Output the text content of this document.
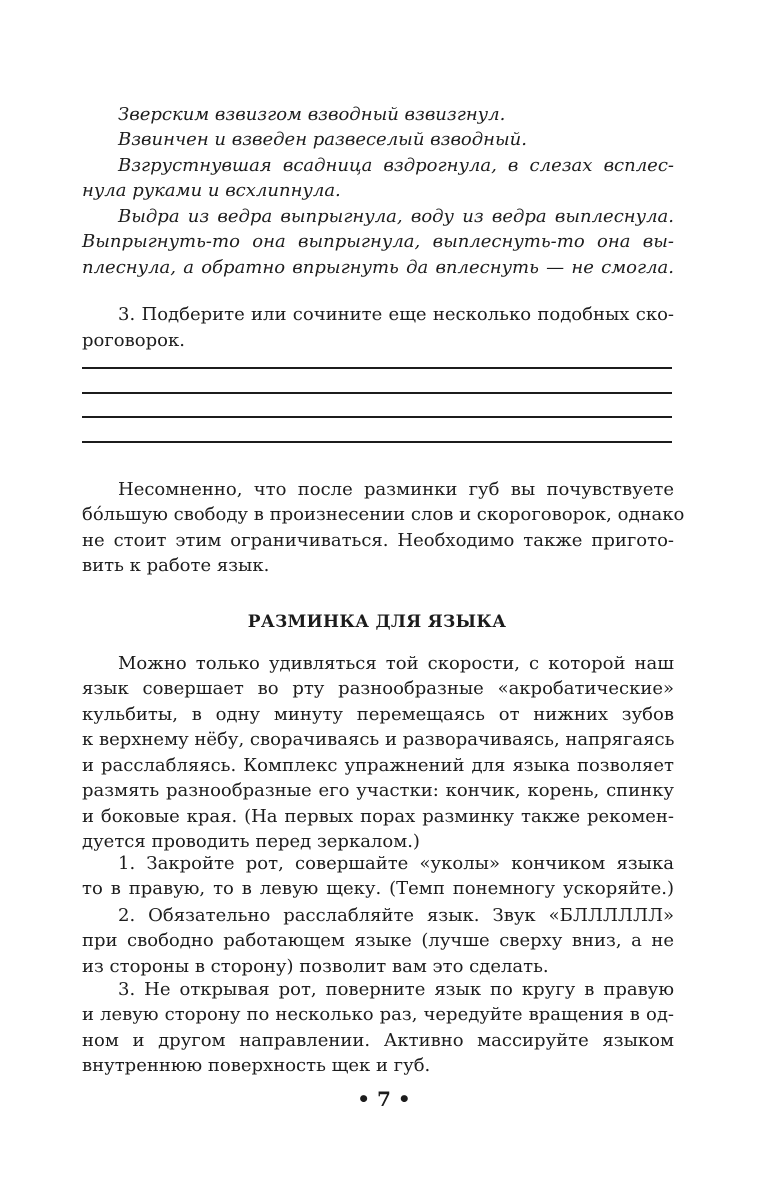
Зверским взвизгом взводный взвизгнул.
Взвинчен и взведен развеселый взводный.
Взгрустнувшая всадница вздрогнула, в слезах всплес-
нула руками и всхлипнула.
Выдра из ведра выпрыгнула, воду из ведра выплеснула.
Выпрыгнуть-то она выпрыгнула, выплеснуть-то она вы-
плеснула, а обратно впрыгнуть да вплеснуть — не смогла.
3. Подберите или сочините еще несколько подобных ско-
роговорок.
Несомненно, что после разминки губ вы почувствуете
бóльшую свободу в произнесении слов и скороговорок, однако
не стоит этим ограничиваться. Необходимо также пригото-
вить к работе язык.
РАЗМИНКА ДЛЯ ЯЗЫКА
Можно только удивляться той скорости, с которой наш
язык совершает во рту разнообразные «акробатические»
кульбиты, в одну минуту перемещаясь от нижних зубов
к верхнему нёбу, сворачиваясь и разворачиваясь, напрягаясь
и расслабляясь. Комплекс упражнений для языка позволяет
размять разнообразные его участки: кончик, корень, спинку
и боковые края. (На первых порах разминку также рекомен-
дуется проводить перед зеркалом.)
1. Закройте рот, совершайте «уколы» кончиком языка
то в правую, то в левую щеку. (Темп понемногу ускоряйте.)
2. Обязательно расслабляйте язык. Звук «БЛЛЛЛЛЛ»
при свободно работающем языке (лучше сверху вниз, а не
из стороны в сторону) позволит вам это сделать.
3. Не открывая рот, поверните язык по кругу в правую
и левую сторону по несколько раз, чередуйте вращения в од-
ном и другом направлении. Активно массируйте языком
внутреннюю поверхность щек и губ.
• 7 •
